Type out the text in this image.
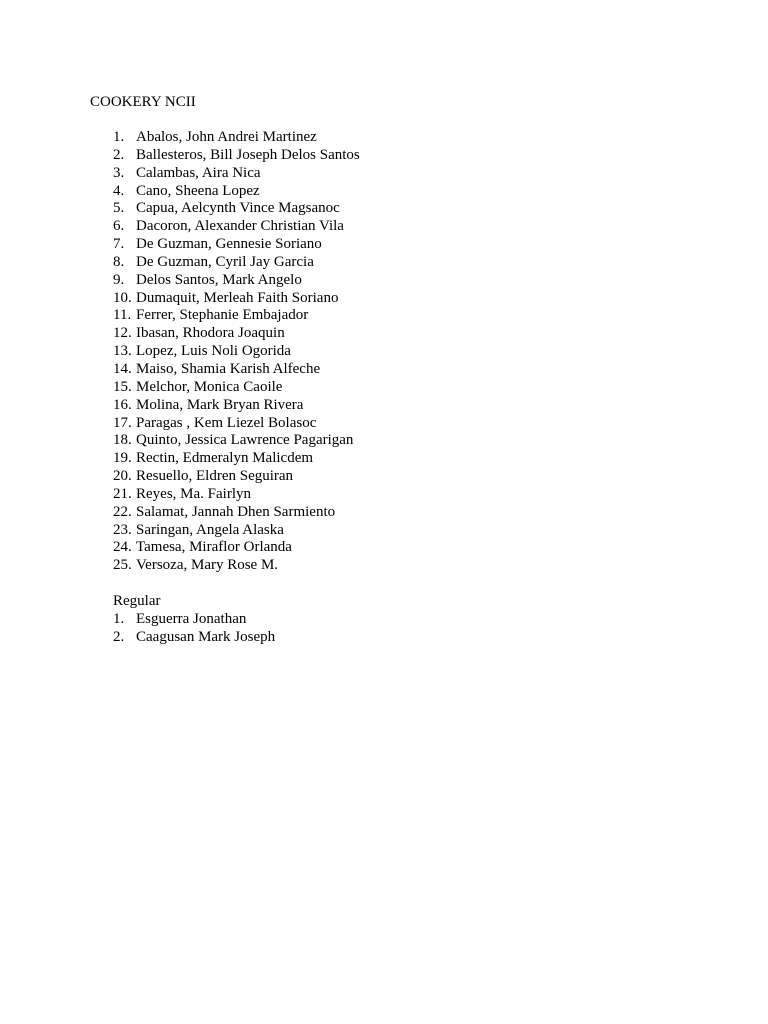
COOKERY NCII
1. Abalos, John Andrei Martinez
2. Ballesteros, Bill Joseph Delos Santos
3. Calambas, Aira Nica
4. Cano, Sheena Lopez
5. Capua, Aelcynth Vince Magsanoc
6. Dacoron, Alexander Christian Vila
7. De Guzman, Gennesie Soriano
8. De Guzman, Cyril Jay Garcia
9. Delos Santos, Mark Angelo
10. Dumaquit, Merleah Faith Soriano
11. Ferrer, Stephanie Embajador
12. Ibasan, Rhodora Joaquin
13. Lopez, Luis Noli Ogorida
14. Maiso, Shamia Karish Alfeche
15. Melchor, Monica Caoile
16. Molina, Mark Bryan Rivera
17. Paragas , Kem Liezel Bolasoc
18. Quinto, Jessica Lawrence Pagarigan
19. Rectin, Edmeralyn Malicdem
20. Resuello, Eldren Seguiran
21. Reyes, Ma. Fairlyn
22. Salamat, Jannah Dhen Sarmiento
23. Saringan, Angela Alaska
24. Tamesa, Miraflor Orlanda
25. Versoza, Mary Rose M.
Regular
1. Esguerra Jonathan
2. Caagusan Mark Joseph
